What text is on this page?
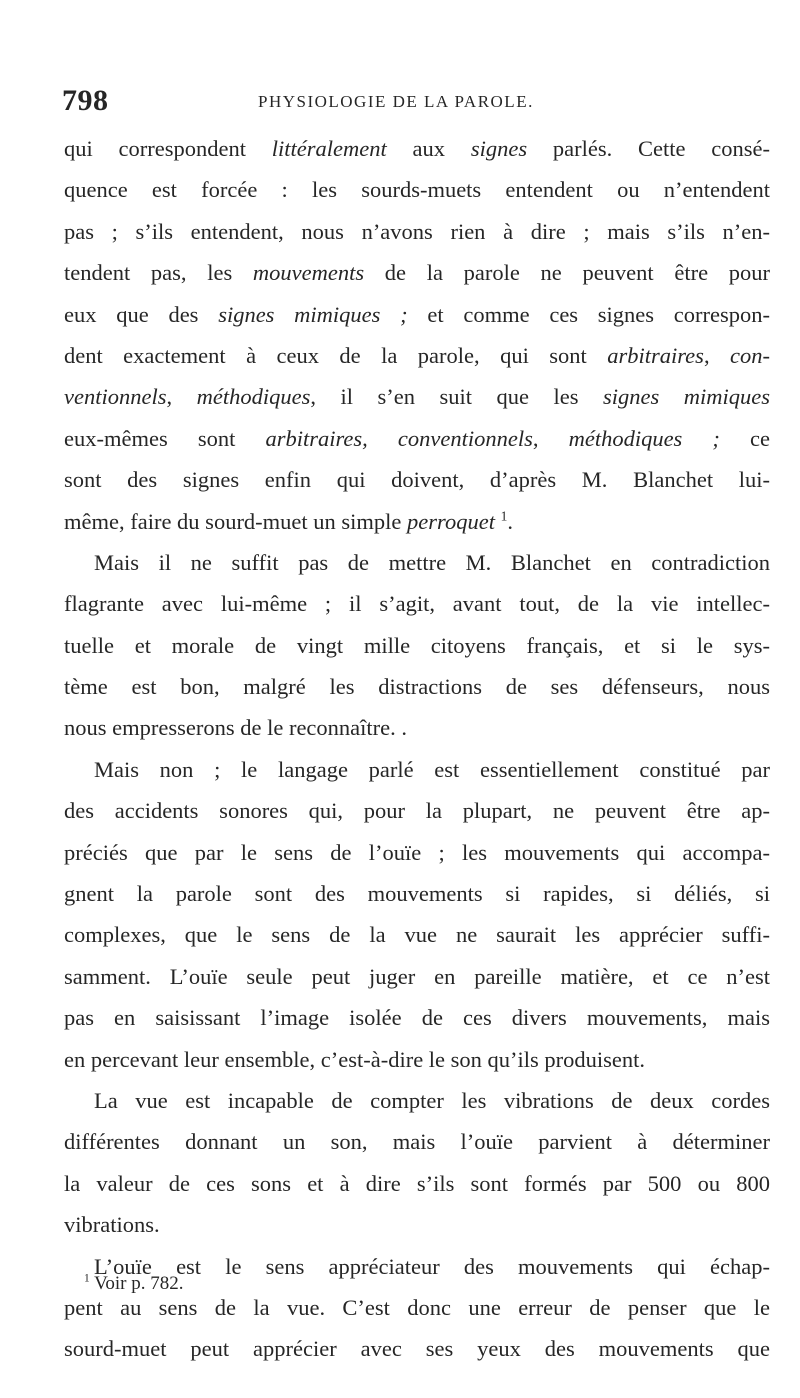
798	PHYSIOLOGIE DE LA PAROLE.
qui correspondent littéralement aux signes parlés. Cette consé-
quence est forcée : les sourds-muets entendent ou n’entendent
pas ; s’ils entendent, nous n’avons rien à dire ; mais s’ils n’en-
tendent pas, les mouvements de la parole ne peuvent être pour
eux que des signes mimiques ; et comme ces signes correspon-
dent exactement à ceux de la parole, qui sont arbitraires, con-
ventionnels, méthodiques, il s’en suit que les signes mimiques
eux-mêmes sont arbitraires, conventionnels, méthodiques ; ce
sont des signes enfin qui doivent, d’après M. Blanchet lui-
même, faire du sourd-muet un simple perroquet $^1$.
Mais il ne suffit pas de mettre M. Blanchet en contradiction
flagrante avec lui-même ; il s’agit, avant tout, de la vie intellec-
tuelle et morale de vingt mille citoyens français, et si le sys-
tème est bon, malgré les distractions de ses défenseurs, nous
nous empresserons de le reconnaître. .
Mais non ; le langage parlé est essentiellement constitué par
des accidents sonores qui, pour la plupart, ne peuvent être ap-
préciés que par le sens de l’ouïe ; les mouvements qui accompa-
gnent la parole sont des mouvements si rapides, si déliés, si
complexes, que le sens de la vue ne saurait les apprécier suffi-
samment. L’ouïe seule peut juger en pareille matière, et ce n’est
pas en saisissant l’image isolée de ces divers mouvements, mais
en percevant leur ensemble, c’est-à-dire le son qu’ils produisent.
La vue est incapable de compter les vibrations de deux cordes
différentes donnant un son, mais l’ouïe parvient à déterminer
la valeur de ces sons et à dire s’ils sont formés par 500 ou 800
vibrations.
L’ouïe est le sens appréciateur des mouvements qui échap-
pent au sens de la vue. C’est donc une erreur de penser que le
sourd-muet peut apprécier avec ses yeux des mouvements que
$^1$ Voir p. 782.
